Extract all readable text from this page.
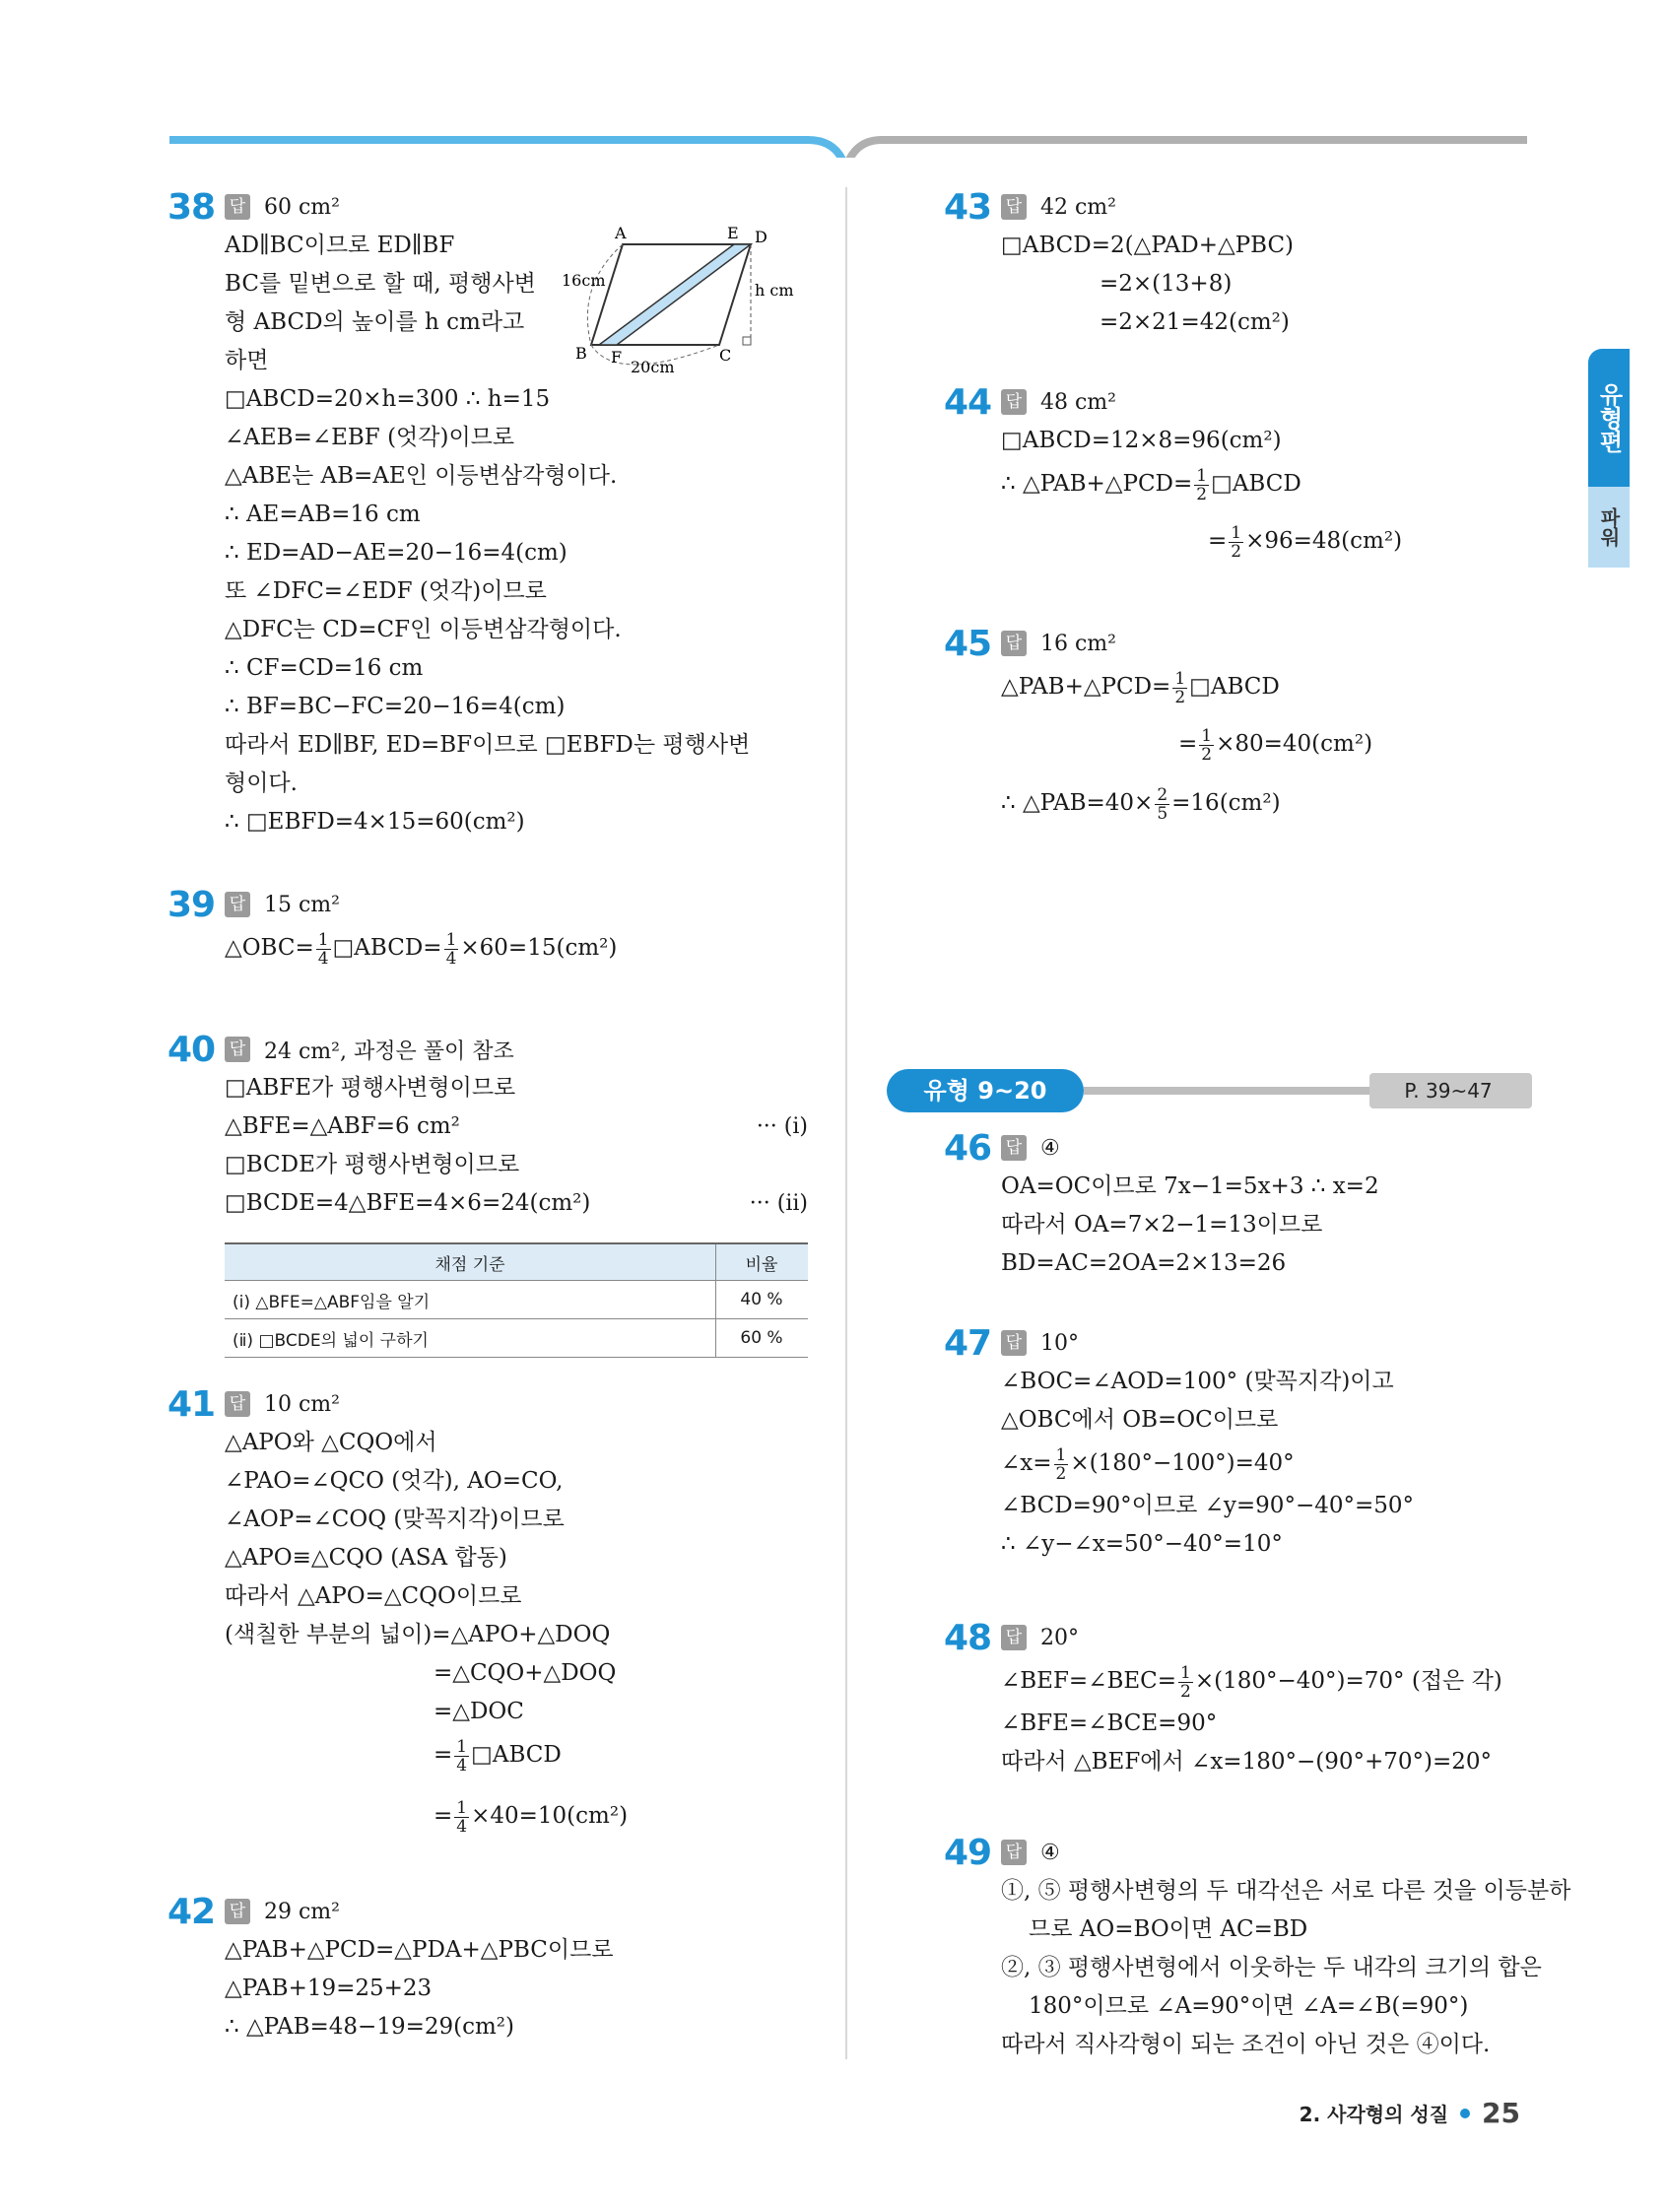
유형편
파워
38 답 60 cm²
AD∥BC이므로 ED∥BF
BC를 밑변으로 할 때, 평행사변
형 ABCD의 높이를 h cm라고
하면
□ABCD=20×h=300 ∴ h=15
∠AEB=∠EBF (엇각)이므로
△ABE는 AB=AE인 이등변삼각형이다.
∴ AE=AB=16 cm
∴ ED=AD−AE=20−16=4(cm)
또 ∠DFC=∠EDF (엇각)이므로
△DFC는 CD=CF인 이등변삼각형이다.
∴ CF=CD=16 cm
∴ BF=BC−FC=20−16=4(cm)
따라서 ED∥BF, ED=BF이므로 □EBFD는 평행사변
형이다.
∴ □EBFD=4×15=60(cm²)
A	E D
B F	C
16cm
h cm
20cm
39 답 15 cm²
△OBC= $\frac{1}{4}$ □ABCD= $\frac{1}{4} \times 60=15(cm^2)$
40 답 24 cm², 과정은 풀이 참조
□ABFE가 평행사변형이므로
△BFE=△ABF=6 cm²	··· (ⅰ)
□BCDE가 평행사변형이므로
□BCDE=4△BFE=4×6=24(cm²)	··· (ⅱ)
채점 기준	비율
(ⅰ) △BFE=△ABF임을 알기	40 %
(ⅱ) □BCDE의 넓이 구하기	60 %
41 답 10 cm²
△APO와 △CQO에서
∠PAO=∠QCO (엇각), AO=CO,
∠AOP=∠COQ (맞꼭지각)이므로
△APO≡△CQO (ASA 합동)
따라서 △APO=△CQO이므로
(색칠한 부분의 넓이)=△APO+△DOQ
=△CQO+△DOQ
=△DOC
= $\frac{1}{4}$ □ABCD
= $\frac{1}{4} \times 40=10(cm^2)$
42 답 29 cm²
△PAB+△PCD=△PDA+△PBC이므로
△PAB+19=25+23
∴ △PAB=48−19=29(cm²)
유형 9~20	P. 39~47
43 답 42 cm²
□ABCD=2(△PAD+△PBC)
=2×(13+8)
=2×21=42(cm²)
44 답 48 cm²
□ABCD=12×8=96(cm²)
∴ △PAB+△PCD= $\frac{1}{2}$ □ABCD
= $\frac{1}{2} \times 96=48(cm^2)$
45 답 16 cm²
△PAB+△PCD= $\frac{1}{2}$ □ABCD
= $\frac{1}{2} \times 80=40(cm^2)$
∴ △PAB=40× $\frac{2}{5} =16(cm^2)$
46 답 ④
OA=OC이므로 7x−1=5x+3 ∴ x=2
따라서 OA=7×2−1=13이므로
BD=AC=2OA=2×13=26
47 답 10°
∠BOC=∠AOD=100° (맞꼭지각)이고
△OBC에서 OB=OC이므로
∠x= $\frac{1}{2} \times(180^\circ-100^\circ)=40^\circ$
∠BCD=90°이므로 ∠y=90°−40°=50°
∴ ∠y−∠x=50°−40°=10°
48 답 20°
∠BEF=∠BEC= $\frac{1}{2} \times(180^\circ-40^\circ)=70^\circ$ (접은 각)
∠BFE=∠BCE=90°
따라서 △BEF에서 ∠x=180°−(90°+70°)=20°
49 답 ④
①, ⑤ 평행사변형의 두 대각선은 서로 다른 것을 이등분하
므로 AO=BO이면 AC=BD
②, ③ 평행사변형에서 이웃하는 두 내각의 크기의 합은
180°이므로 ∠A=90°이면 ∠A=∠B(=90°)
따라서 직사각형이 되는 조건이 아닌 것은 ④이다.
2. 사각형의 성질 25
